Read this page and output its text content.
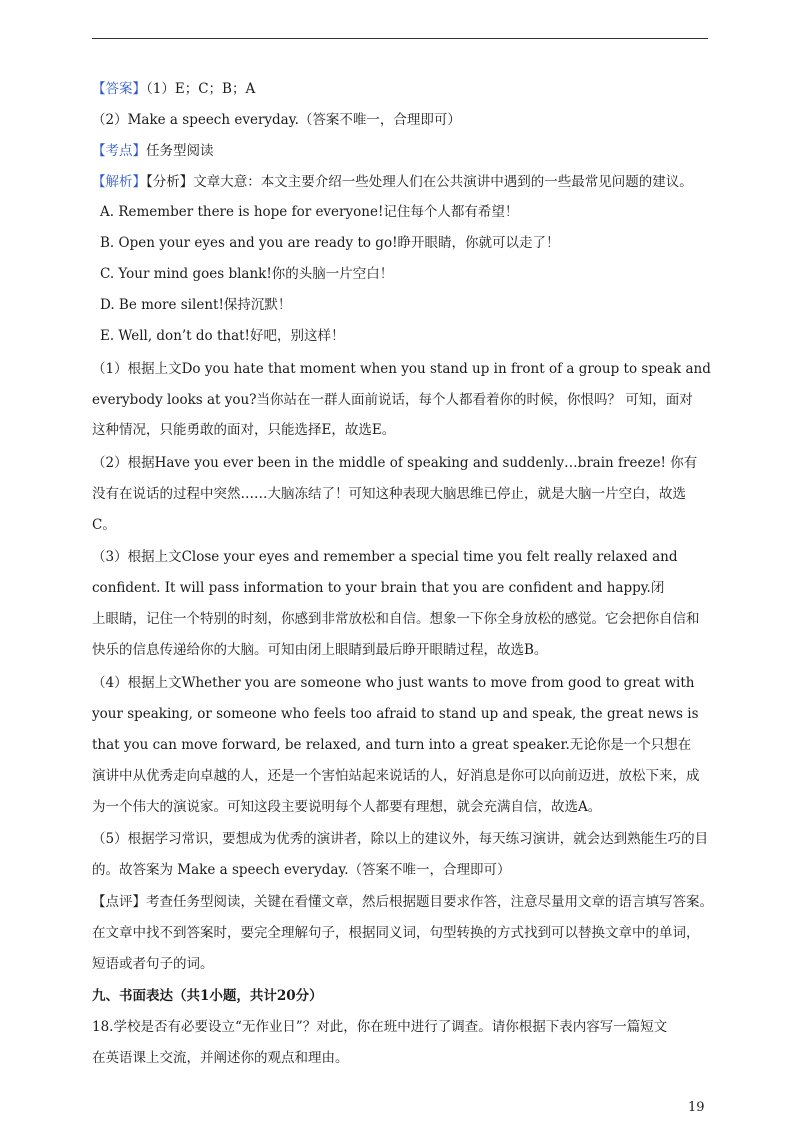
【答案】（1）E；C；B；A
（2）Make a speech everyday.（答案不唯一，合理即可）
【考点】任务型阅读
【解析】【分析】文章大意：本文主要介绍一些处理人们在公共演讲中遇到的一些最常见问题的建议。
A. Remember there is hope for everyone!记住每个人都有希望！
B. Open your eyes and you are ready to go!睁开眼睛，你就可以走了！
C. Your mind goes blank!你的头脑一片空白！
D. Be more silent!保持沉默！
E. Well, don’t do that!好吧，别这样！
（1）根据上文Do you hate that moment when you stand up in front of a group to speak and
everybody looks at you?当你站在一群人面前说话，每个人都看着你的时候，你恨吗？ 可知，面对
这种情况，只能勇敢的面对，只能选择E，故选E。
（2）根据Have you ever been in the middle of speaking and suddenly…brain freeze! 你有
没有在说话的过程中突然……大脑冻结了！可知这种表现大脑思维已停止，就是大脑一片空白，故选
C。
（3）根据上文Close your eyes and remember a special time you felt really relaxed and
confident. It will pass information to your brain that you are confident and happy.闭
上眼睛，记住一个特别的时刻，你感到非常放松和自信。想象一下你全身放松的感觉。它会把你自信和
快乐的信息传递给你的大脑。可知由闭上眼睛到最后睁开眼睛过程，故选B。
（4）根据上文Whether you are someone who just wants to move from good to great with
your speaking, or someone who feels too afraid to stand up and speak, the great news is
that you can move forward, be relaxed, and turn into a great speaker.无论你是一个只想在
演讲中从优秀走向卓越的人，还是一个害怕站起来说话的人，好消息是你可以向前迈进，放松下来，成
为一个伟大的演说家。可知这段主要说明每个人都要有理想，就会充满自信，故选A。
（5）根据学习常识，要想成为优秀的演讲者，除以上的建议外，每天练习演讲，就会达到熟能生巧的目
的。故答案为 Make a speech everyday.（答案不唯一，合理即可）
【点评】考查任务型阅读，关键在看懂文章，然后根据题目要求作答，注意尽量用文章的语言填写答案。
在文章中找不到答案时，要完全理解句子，根据同义词，句型转换的方式找到可以替换文章中的单词，
短语或者句子的词。
九、书面表达（共1小题，共计20分）
18.学校是否有必要设立“无作业日”？对此，你在班中进行了调查。请你根据下表内容写一篇短文
在英语课上交流，并阐述你的观点和理由。
19
